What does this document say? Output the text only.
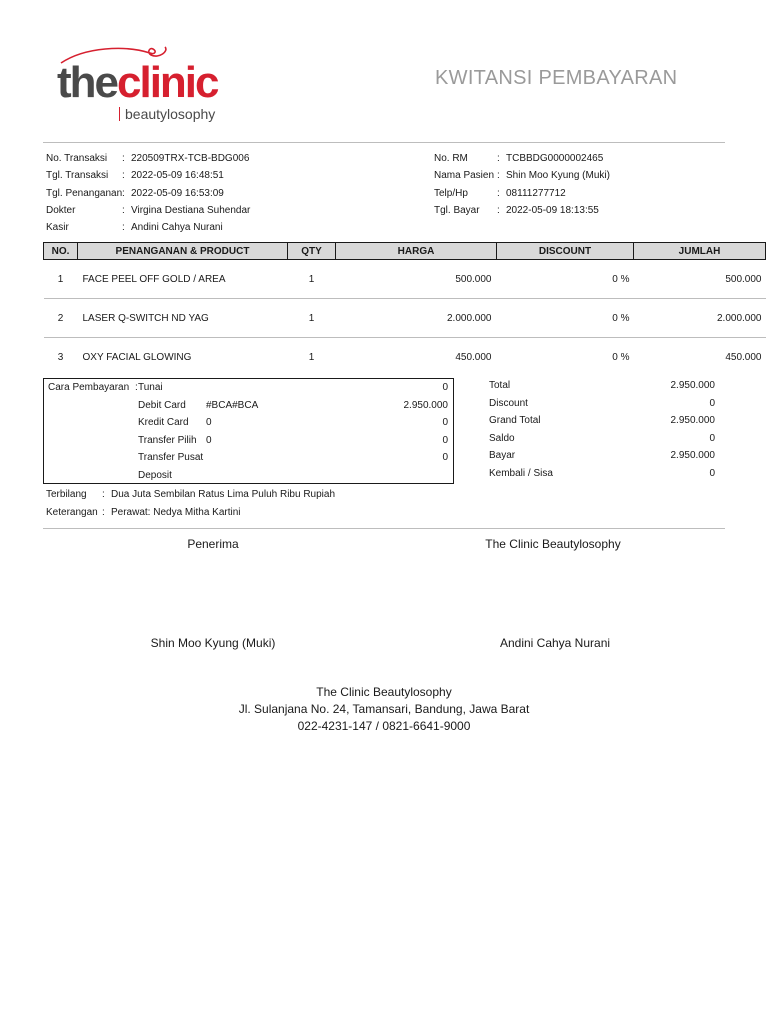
theclinic
beautylosophy
KWITANSI PEMBAYARAN
No. Transaksi : 220509TRX-TCB-BDG006
Tgl. Transaksi : 2022-05-09 16:48:51
Tgl. Penanganan : 2022-05-09 16:53:09
Dokter	: Virgina Destiana Suhendar
Kasir	: Andini Cahya Nurani
No. RM	: TCBBDG0000002465
Nama Pasien : Shin Moo Kyung (Muki)
Telp/Hp	: 08111277712
Tgl. Bayar : 2022-05-09 18:13:55
NO.	PENANGANAN & PRODUCT	QTY	HARGA	DISCOUNT	JUMLAH
1	FACE PEEL OFF GOLD / AREA	1	500.000	0 %	500.000
2	LASER Q-SWITCH ND YAG	1	2.000.000	0 %	2.000.000
3	OXY FACIAL GLOWING	1	450.000	0 %	450.000
Cara Pembayaran : Tunai	0
Debit Card #BCA#BCA	2.950.000
Kredit Card 0	0
Transfer Pilih 0	0
Transfer Pusat	0
Deposit
Total	2.950.000
Discount	0
Grand Total	2.950.000
Saldo	0
Bayar	2.950.000
Kembali / Sisa	0
Terbilang : Dua Juta Sembilan Ratus Lima Puluh Ribu Rupiah
Keterangan : Perawat: Nedya Mitha Kartini
Penerima	The Clinic Beautylosophy
Shin Moo Kyung (Muki)	Andini Cahya Nurani
The Clinic Beautylosophy
Jl. Sulanjana No. 24, Tamansari, Bandung, Jawa Barat
022-4231-147 / 0821-6641-9000
